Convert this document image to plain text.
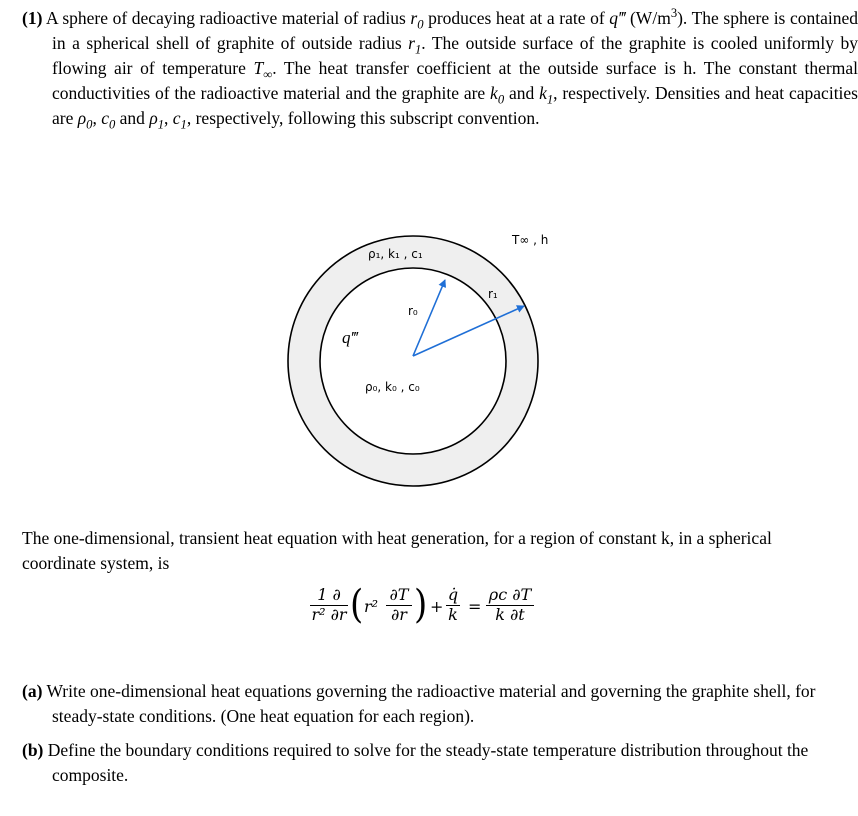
(1) A sphere of decaying radioactive material of radius $r_0$ produces heat at a rate of q‴ $(W/m^3)$. The sphere is contained in a spherical shell of graphite of outside radius $r_1$. The outside surface of the graphite is cooled uniformly by flowing air of temperature $T_\infty$. The heat transfer coefficient at the outside surface is h. The constant thermal conductivities of the radioactive material and the graphite are $k_0$ and $k_1$, respectively. Densities and heat capacities are $\rho_0$, $c_0$ and $\rho_1$, $c_1$, respectively, following this subscript convention.
ρ₁, k₁ , c₁
ρ₀, k₀ , c₀
r₀
r₁
q‴
T∞ , h
The one-dimensional, transient heat equation with heat generation, for a region of constant k, in a spherical coordinate system, is
1 ∂
r² ∂r ( r²
∂T
∂r ) +
q̇
k =
ρc ∂T
k ∂t
(a) Write one-dimensional heat equations governing the radioactive material and governing the graphite shell, for steady-state conditions. (One heat equation for each region).
(b) Define the boundary conditions required to solve for the steady-state temperature distribution throughout the composite.
